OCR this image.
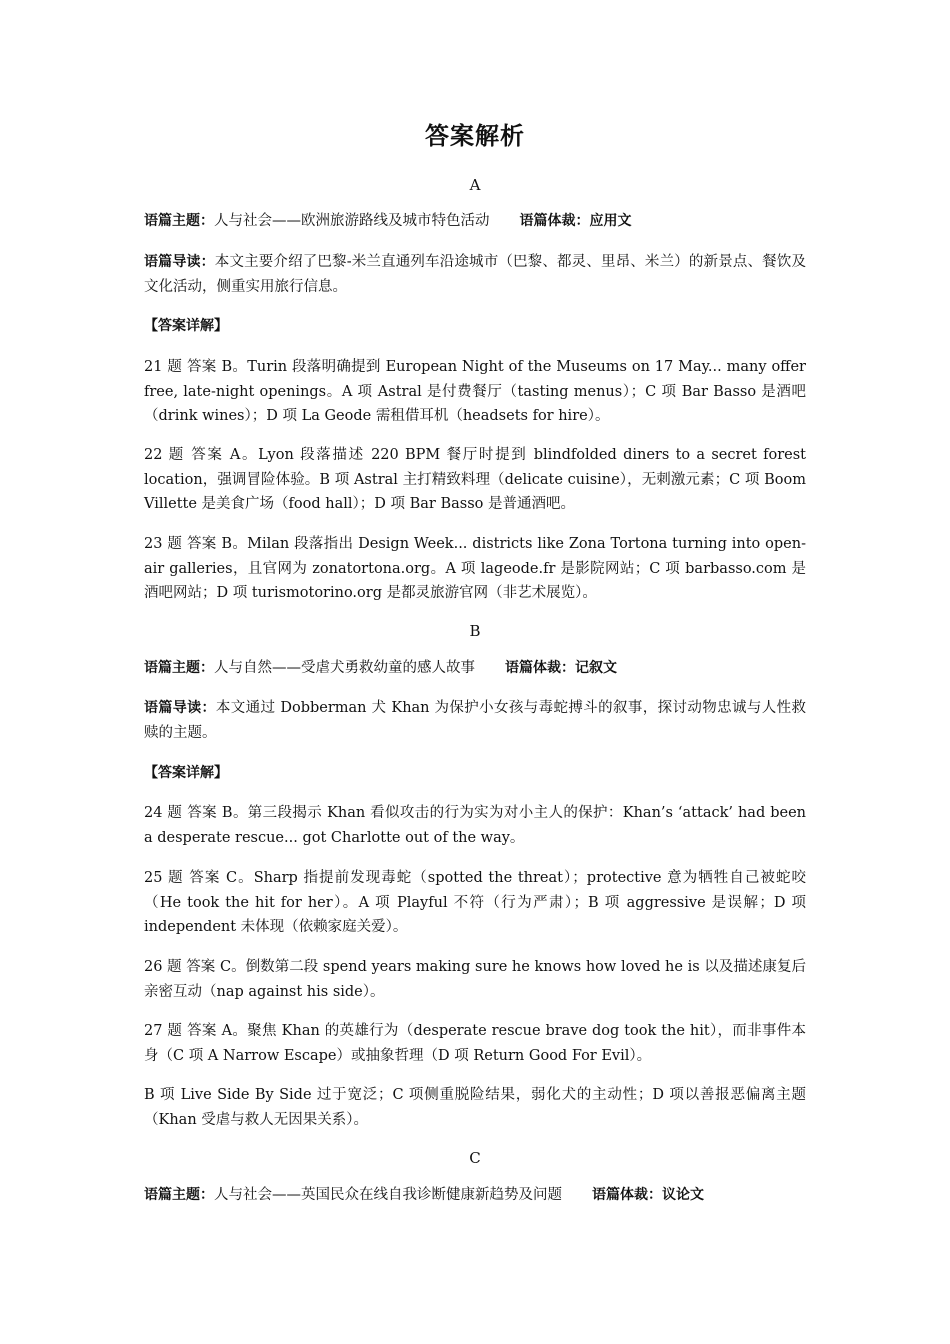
答案解析
A

语篇主题：人与社会——欧洲旅游路线及城市特色活动 语篇体裁：应用文

语篇导读：本文主要介绍了巴黎-米兰直通列车沿途城市（巴黎、都灵、里昂、米兰）的新景点、餐饮及文化活动，侧重实用旅行信息。

【答案详解】

21 题 答案 B。Turin 段落明确提到 European Night of the Museums on 17 May... many offer free, late-night openings。A 项 Astral 是付费餐厅（tasting menus）；C 项 Bar Basso 是酒吧（drink wines）；D 项 La Geode 需租借耳机（headsets for hire）。

22 题 答案 A。Lyon 段落描述 220 BPM 餐厅时提到 blindfolded diners to a secret forest location，强调冒险体验。B 项 Astral 主打精致料理（delicate cuisine），无刺激元素；C 项 Boom Villette 是美食广场（food hall）；D 项 Bar Basso 是普通酒吧。

23 题 答案 B。Milan 段落指出 Design Week... districts like Zona Tortona turning into open-air galleries，且官网为 zonatortona.org。A 项 lageode.fr 是影院网站；C 项 barbasso.com 是酒吧网站；D 项 turismotorino.org 是都灵旅游官网（非艺术展览）。

B

语篇主题：人与自然——受虐犬勇救幼童的感人故事 语篇体裁：记叙文

语篇导读：本文通过 Dobberman 犬 Khan 为保护小女孩与毒蛇搏斗的叙事，探讨动物忠诚与人性救赎的主题。

【答案详解】

24 题 答案 B。第三段揭示 Khan 看似攻击的行为实为对小主人的保护：Khan’s ‘attack’ had been a desperate rescue... got Charlotte out of the way。

25 题 答案 C。Sharp 指提前发现毒蛇（spotted the threat）；protective 意为牺牲自己被蛇咬（He took the hit for her）。A 项 Playful 不符（行为严肃）；B 项 aggressive 是误解；D 项 independent 未体现（依赖家庭关爱）。

26 题 答案 C。倒数第二段 spend years making sure he knows how loved he is 以及描述康复后亲密互动（nap against his side）。

27 题 答案 A。聚焦 Khan 的英雄行为（desperate rescue brave dog took the hit），而非事件本身（C 项 A Narrow Escape）或抽象哲理（D 项 Return Good For Evil）。

B 项 Live Side By Side 过于宽泛；C 项侧重脱险结果，弱化犬的主动性；D 项以善报恶偏离主题（Khan 受虐与救人无因果关系）。

C

语篇主题：人与社会——英国民众在线自我诊断健康新趋势及问题 语篇体裁：议论文
